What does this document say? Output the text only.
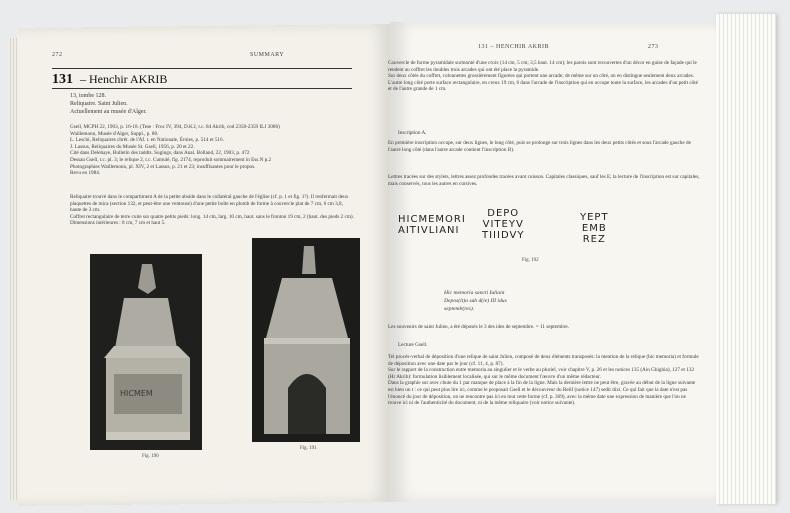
272	SUMMARY
131 – Henchir AKRIB
13, tombe 128.
Reliquaire. Saint Julien.
Actuellement au musée d'Alger.
Gsell, MCPH 22, 1903, p. 16-18. (Tese : Froc IV, 394, D.K.I, t.c. 84 Akrib, cod 2358-2359 ILJ 3086)
Waillemonn, Musée d'Alger, Suppl., p. 80.
L. Leschi, Reliquaires chrét. de l'Af. t. en Nationale, Éroies, p. 514 et 516.
J. Lassus, Reliquaires du Musée St. Gsell, 1956, p. 20 et 22.
Cité dans Delehaye, Bulletin des taddts. Sugings, dans Anal. Bolland, 22, 1903, p. 472
Dessau Gsell, t.c. pl. 3; le relique 2, t.c. Cumulé, fig. 2174, reproduit sommairement in Ess.N p.2
Photographies Waillemonn, pl. XIV, 2 et Lassus, p. 21 et 23; insuffisantes pour le propos.
Revu en 1984.
Reliquaire trouvé dans le compartiment A de la petite abside dans le collatéral gauche de l'église (cf. p. 1 et fig. 1?). Il renfermait deux plaquettes de mica (section 132, et peut-être une ventouse) d'une petite boîte en plomb de forme à couvercle plat de 7 cm, 6 cm 3,8, haute de 3 cm.
Coffret rectangulaire de terre cuite sur quatre petits pieds: long. 14 cm, larg. 10 cm, haut. sans le fronton 19 cm, 2 (haut. des pieds 2 cm). Dimensions intérieures : 8 cm, 7 cm et haut 5.
HICMEM
Fig. 190
Fig. 191
131 – HENCHIR AKRIB	273
Couvercle de forme pyramidale surmonté d'une croix (14 cm, 5 cm; 3,5 haut. 14 cm); les parois sont recouvertes d'un décor en guise de façade qui le rendent au coffret les doubles trois arcades qui ont été place la pyramide.
Sur deux côtés du coffret, colonnettes grossièrement figurées qui portent une arcade; de même sur un côté, on en distingue seulement deux arcades. L'autre long côté porte surface rectangulaire, en creux 19 cm, 6 dans l'arcade de l'inscription qui en occupe toute la surface, les arcades d'un petit côté et de l'autre grande de 1 cm.
Inscription A.
En première inscription occupe, sur deux lignes, le long côté, puis se prolonge sur trois lignes dans les deux petits côtés et sous l'arcade gauche de l'autre long côté (dans l'autre arcade contient l'inscription B).
Lettres tracées sur des stylets, lettres assez profondes tracées avant cuisson. Capitales classiques, sauf les E; la lecture de l'inscription est sur capitales, mais conservés, tous les autres en cursives.
HICMEMORI
AITIVLIANI
DEPO
VITEYV
TIIIDVY
YEPT
EMB
REZ
Fig. 192
Hic memoria sancti Iuliani
Depos(it)a sub d(ie) III idus
septemb(res).
Les souvenirs de saint Julien, a été déposés le 3 des ides de septembre. = 11 septembre.
Lecture Gsell.
Tel procès-verbal de déposition d'une relique de saint Julien, composé de deux éléments transposés: la mention de la relique (hic memoria) et formule de déposition avec une date par le jour (cf. 11, 4, p. 87).
Sur le rapport de la construction entre memoria au singulier et le verbe au pluriel, voir chapitre V, p. 26 et les notices 135 (Ain Ghighia), 127 et 132 (Hr Akrib): formulation lisiblement localisée, qui sur le même document l'œuvre d'un même rédacteur.
Dans la graphie sur avec chute du 1 par manque de place à la fin de la ligne. Mais la dernière lettre ne peut être, gravée au début de la ligne suivante est bien un t : ce qui peut plus lire ici, comme le proposait Gsell et le découvreur du Relif (notice 147) sedit dixi. Ce qui fait que la date n'est pas l'énoncé du jour de déposition, on ne rencontre pas ici en tout cette forme (cf. p. 369), avec la même date une expression de manière que l'on ne trouve ici ni de l'authenticité du document, ni de la même reliquaire (voir notice suivante).
